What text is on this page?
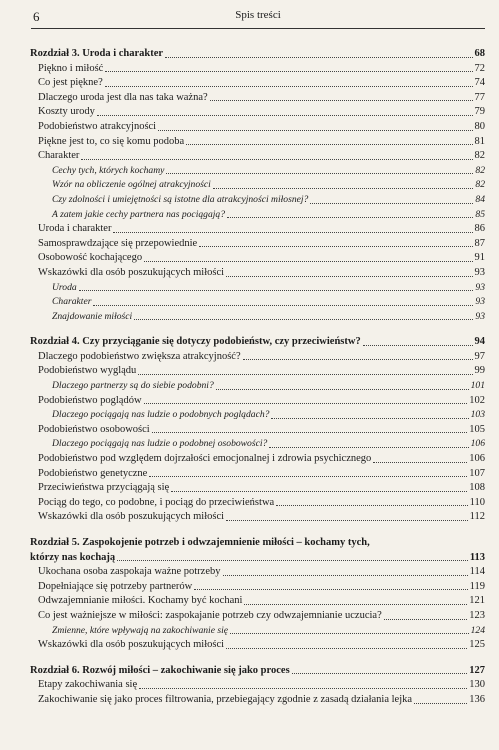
6	Spis treści
Rozdział 3. Uroda i charakter	68
Piękno i miłość	72
Co jest piękne?	74
Dlaczego uroda jest dla nas taka ważna?	77
Koszty urody	79
Podobieństwo atrakcyjności	80
Piękne jest to, co się komu podoba	81
Charakter	82
Cechy tych, których kochamy	82
Wzór na obliczenie ogólnej atrakcyjności	82
Czy zdolności i umiejętności są istotne dla atrakcyjności miłosnej?	84
A zatem jakie cechy partnera nas pociągają?	85
Uroda i charakter	86
Samosprawdzające się przepowiednie	87
Osobowość kochającego	91
Wskazówki dla osób poszukujących miłości	93
Uroda	93
Charakter	93
Znajdowanie miłości	93
Rozdział 4. Czy przyciąganie się dotyczy podobieństw, czy przeciwieństw?	94
Dlaczego podobieństwo zwiększa atrakcyjność?	97
Podobieństwo wyglądu	99
Dlaczego partnerzy są do siebie podobni?	101
Podobieństwo poglądów	102
Dlaczego pociągają nas ludzie o podobnych poglądach?	103
Podobieństwo osobowości	105
Dlaczego pociągają nas ludzie o podobnej osobowości?	106
Podobieństwo pod względem dojrzałości emocjonalnej i zdrowia psychicznego	106
Podobieństwo genetyczne	107
Przeciwieństwa przyciągają się	108
Pociąg do tego, co podobne, i pociąg do przeciwieństwa	110
Wskazówki dla osób poszukujących miłości	112
Rozdział 5. Zaspokojenie potrzeb i odwzajemnienie miłości – kochamy tych,
którzy nas kochają	113
Ukochana osoba zaspokaja ważne potrzeby	114
Dopełniające się potrzeby partnerów	119
Odwzajemnianie miłości. Kochamy być kochani	121
Co jest ważniejsze w miłości: zaspokajanie potrzeb czy odwzajemnianie uczucia?	123
Zmienne, które wpływają na zakochiwanie się	124
Wskazówki dla osób poszukujących miłości	125
Rozdział 6. Rozwój miłości – zakochiwanie się jako proces	127
Etapy zakochiwania się	130
Zakochiwanie się jako proces filtrowania, przebiegający zgodnie z zasadą działania lejka	136
